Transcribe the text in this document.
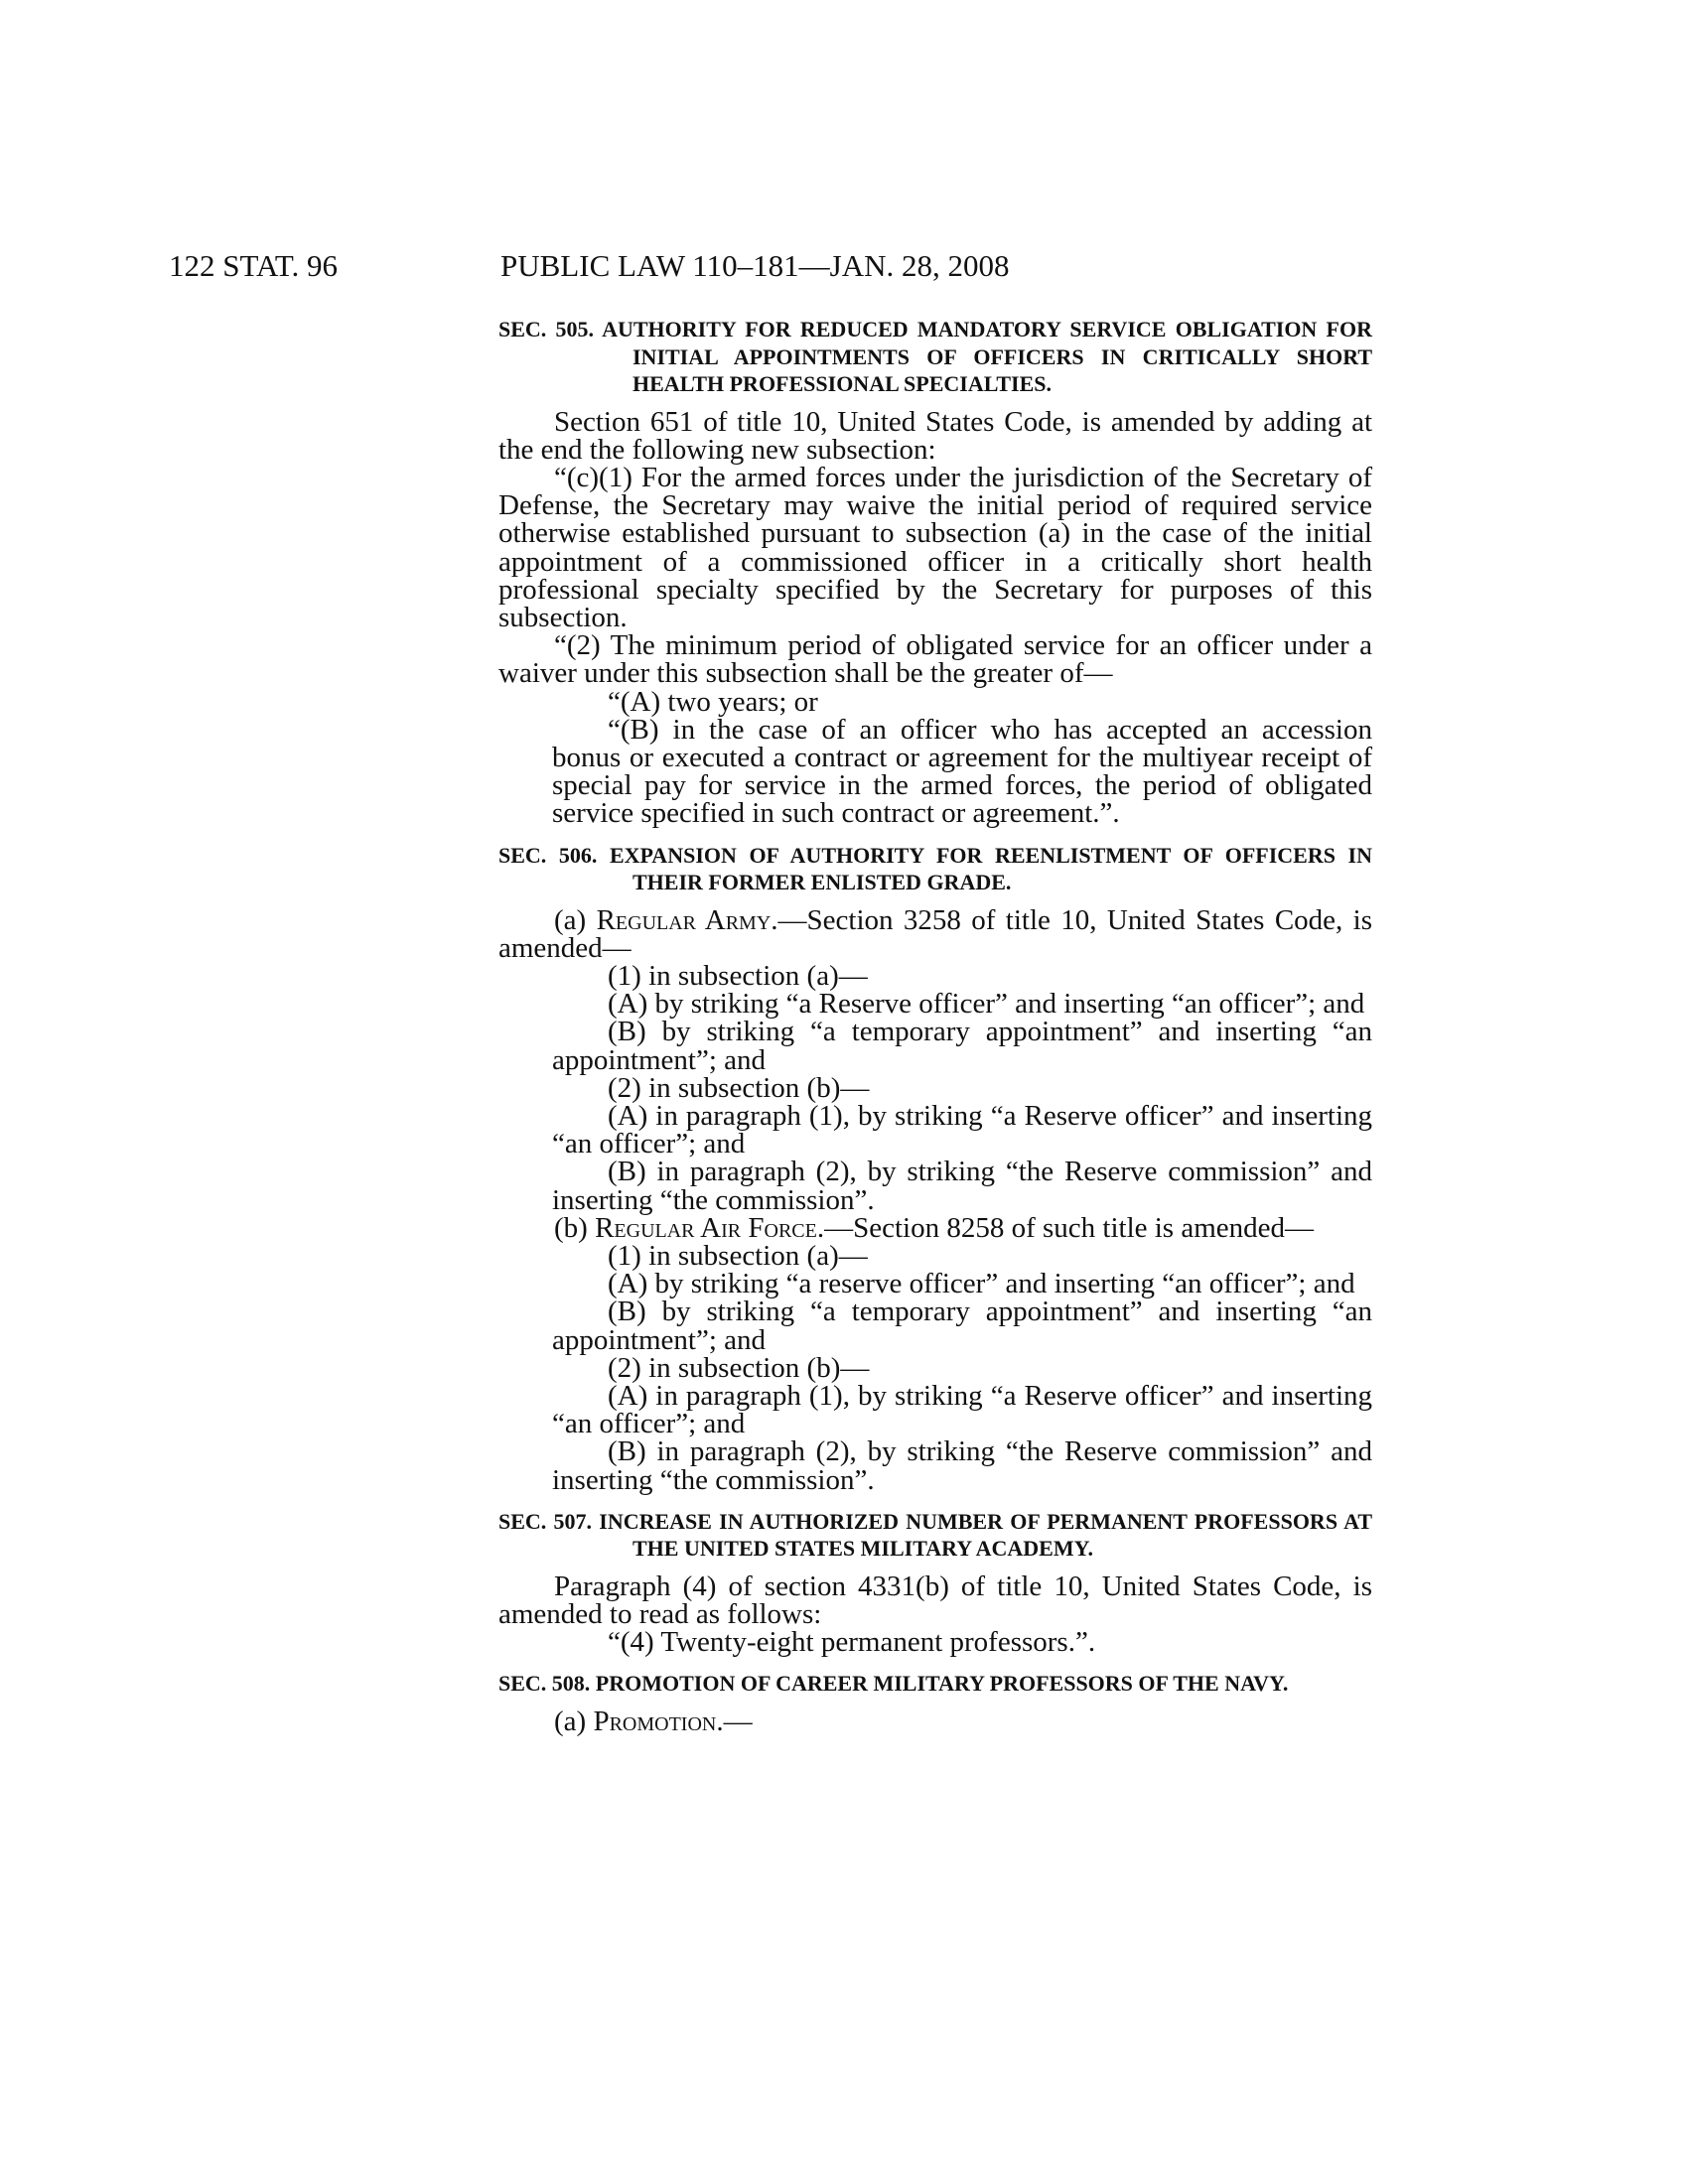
122 STAT. 96	PUBLIC LAW 110–181—JAN. 28, 2008
SEC. 505. AUTHORITY FOR REDUCED MANDATORY SERVICE OBLIGATION FOR INITIAL APPOINTMENTS OF OFFICERS IN CRITICALLY SHORT HEALTH PROFESSIONAL SPECIALTIES.

Section 651 of title 10, United States Code, is amended by adding at the end the following new subsection:

“(c)(1) For the armed forces under the jurisdiction of the Secretary of Defense, the Secretary may waive the initial period of required service otherwise established pursuant to subsection (a) in the case of the initial appointment of a commissioned officer in a critically short health professional specialty specified by the Secretary for purposes of this subsection.

“(2) The minimum period of obligated service for an officer under a waiver under this subsection shall be the greater of—

“(A) two years; or

“(B) in the case of an officer who has accepted an accession bonus or executed a contract or agreement for the multiyear receipt of special pay for service in the armed forces, the period of obligated service specified in such contract or agreement.”.

SEC. 506. EXPANSION OF AUTHORITY FOR REENLISTMENT OF OFFICERS IN THEIR FORMER ENLISTED GRADE.

(a) Regular Army.—Section 3258 of title 10, United States Code, is amended—

(1) in subsection (a)—

(A) by striking “a Reserve officer” and inserting “an officer”; and

(B) by striking “a temporary appointment” and inserting “an appointment”; and

(2) in subsection (b)—

(A) in paragraph (1), by striking “a Reserve officer” and inserting “an officer”; and

(B) in paragraph (2), by striking “the Reserve commission” and inserting “the commission”.

(b) Regular Air Force.—Section 8258 of such title is amended—

(1) in subsection (a)—

(A) by striking “a reserve officer” and inserting “an officer”; and

(B) by striking “a temporary appointment” and inserting “an appointment”; and

(2) in subsection (b)—

(A) in paragraph (1), by striking “a Reserve officer” and inserting “an officer”; and

(B) in paragraph (2), by striking “the Reserve commission” and inserting “the commission”.

SEC. 507. INCREASE IN AUTHORIZED NUMBER OF PERMANENT PROFESSORS AT THE UNITED STATES MILITARY ACADEMY.

Paragraph (4) of section 4331(b) of title 10, United States Code, is amended to read as follows:

“(4) Twenty-eight permanent professors.”.

SEC. 508. PROMOTION OF CAREER MILITARY PROFESSORS OF THE NAVY.

(a) Promotion.—
